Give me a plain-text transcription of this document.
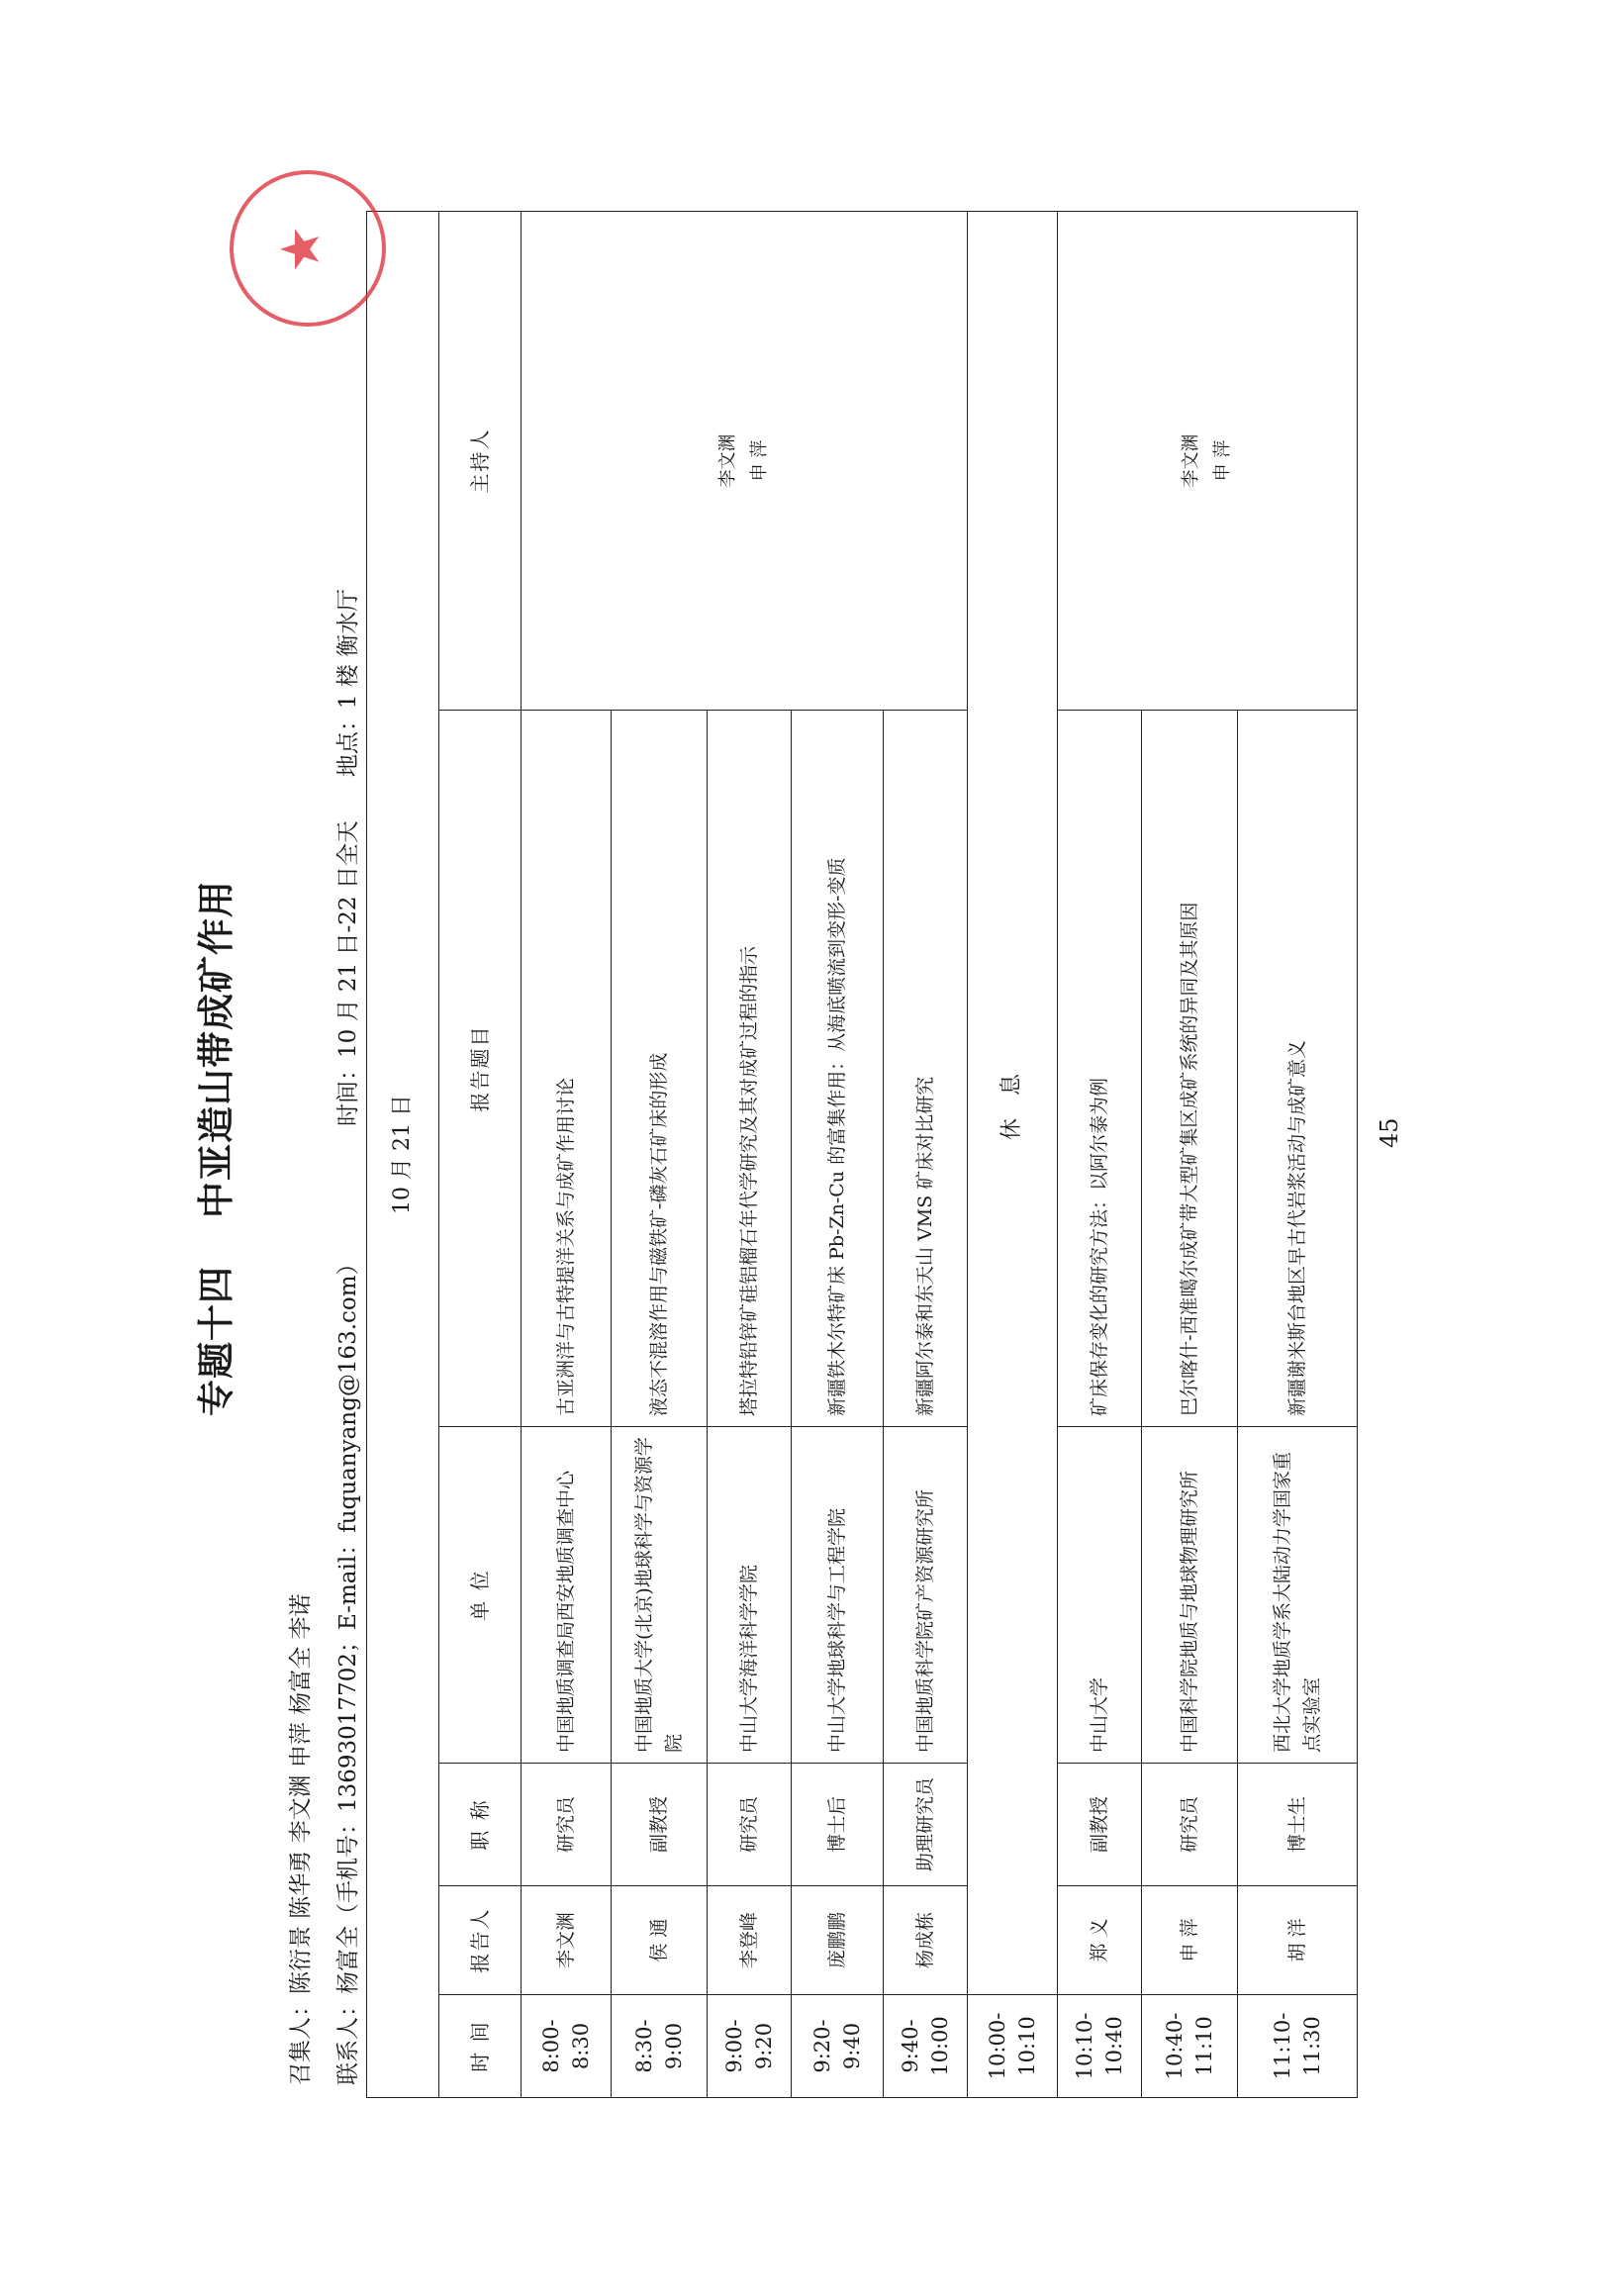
专题十四中亚造山带成矿作用
召集人：陈衍景 陈华勇 李文渊 申萍 杨富全 李诺 联系人：杨富全（手机号：13693017702；E-mail：fuquanyang@163.com）
时间：10 月 21 日-22 日全天地点：1 楼 衡水厅
10 月 21 日					
时 间	报告人	职 称	单 位	报告题目	主持人
8:00-8:30	李文渊	研究员	中国地质调查局西安地质调查中心	古亚洲洋与古特提洋关系与成矿作用讨论	李文渊 申 萍

8:30-9:00	侯 通	副教授	中国地质大学(北京)地球科学与资源学院	液态不混溶作用与磁铁矿-磷灰石矿床的形成	
9:00-9:20	李登峰	研究员	中山大学海洋科学学院	塔拉特铅锌矿硅铝榴石年代学研究及其对成矿过程的指示	
9:20-9:40	庞鹏鹏	博士后	中山大学地球科学与工程学院	新疆铁木尔特矿床 Pb-Zn-Cu 的富集作用：从海底喷流到变形-变质	
9:40-10:00	杨成栋	助理研究员	中国地质科学院矿产资源研究所	新疆阿尔泰和东天山 VMS 矿床对比研究	
10:00-10:10	休 息				
10:10-10:40	郑 义	副教授	中山大学	矿床保存变化的研究方法：以阿尔泰为例	李文渊 申 萍

10:40-11:10	申 萍	研究员	中国科学院地质与地球物理研究所	巴尔喀什-西准噶尔成矿带大型矿集区成矿系统的异同及其原因	
11:10-11:30	胡 洋	博士生	西北大学地质学系大陆动力学国家重点实验室	新疆谢米斯台地区早古代岩浆活动与成矿意义	
★
45
